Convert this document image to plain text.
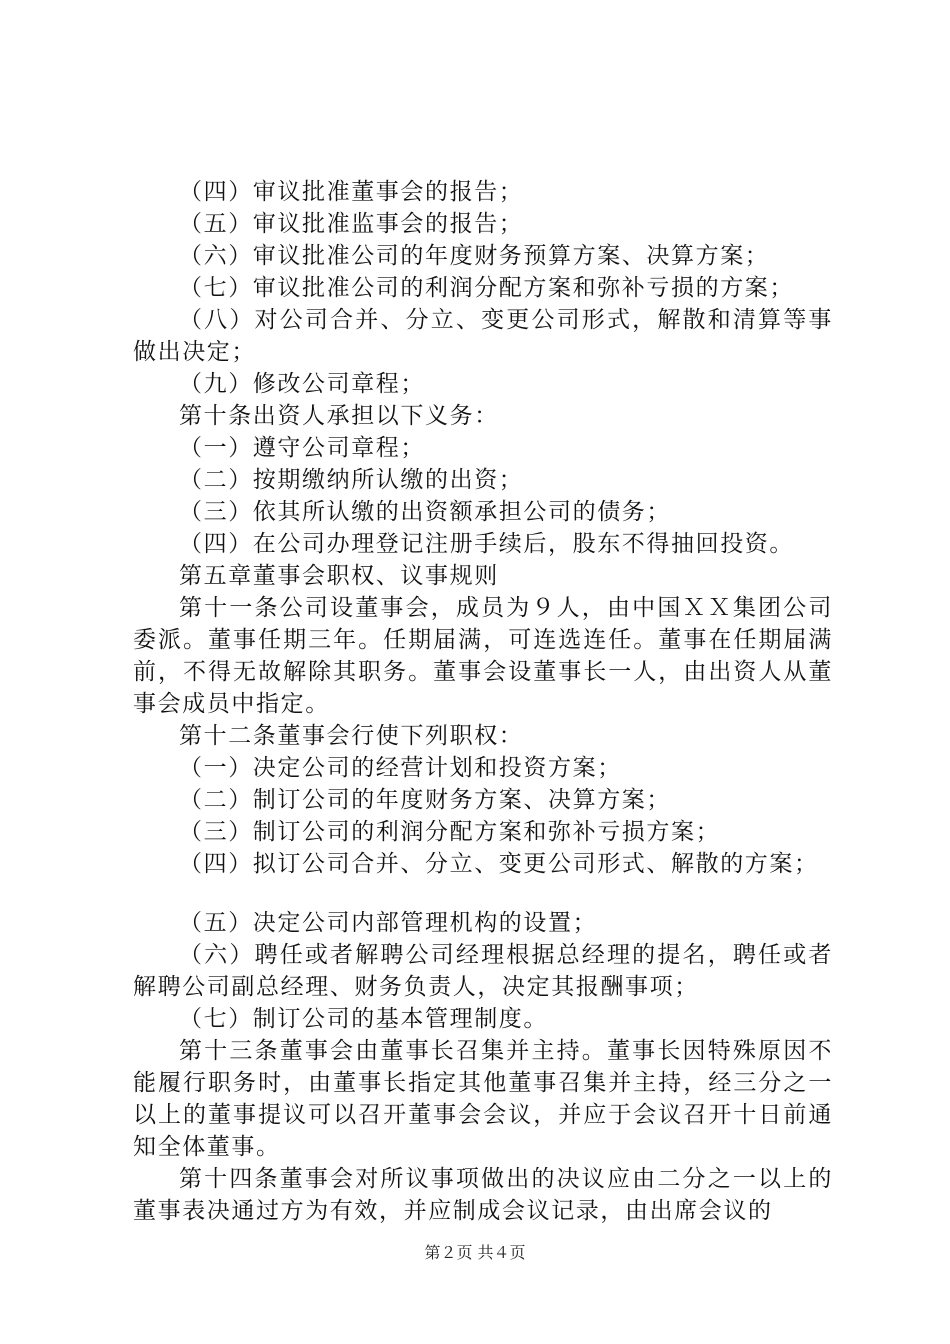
（四）审议批准董事会的报告；

（五）审议批准监事会的报告；

（六）审议批准公司的年度财务预算方案、决算方案；

（七）审议批准公司的利润分配方案和弥补亏损的方案；

（八）对公司合并、分立、变更公司形式，解散和清算等事做出决定；

（九）修改公司章程；

第十条出资人承担以下义务：

（一）遵守公司章程；

（二）按期缴纳所认缴的出资；

（三）依其所认缴的出资额承担公司的债务；

（四）在公司办理登记注册手续后，股东不得抽回投资。

第五章董事会职权、议事规则

第十一条公司设董事会，成员为９人，由中国ＸＸ集团公司委派。董事任期三年。任期届满，可连选连任。董事在任期届满前，不得无故解除其职务。董事会设董事长一人，由出资人从董事会成员中指定。

第十二条董事会行使下列职权：

（一）决定公司的经营计划和投资方案；

（二）制订公司的年度财务方案、决算方案；

（三）制订公司的利润分配方案和弥补亏损方案；

（四）拟订公司合并、分立、变更公司形式、解散的方案；

（五）决定公司内部管理机构的设置；

（六）聘任或者解聘公司经理根据总经理的提名，聘任或者解聘公司副总经理、财务负责人，决定其报酬事项；

（七）制订公司的基本管理制度。

第十三条董事会由董事长召集并主持。董事长因特殊原因不能履行职务时，由董事长指定其他董事召集并主持，经三分之一以上的董事提议可以召开董事会会议，并应于会议召开十日前通知全体董事。

第十四条董事会对所议事项做出的决议应由二分之一以上的董事表决通过方为有效，并应制成会议记录，由出席会议的

第２页 共４页
